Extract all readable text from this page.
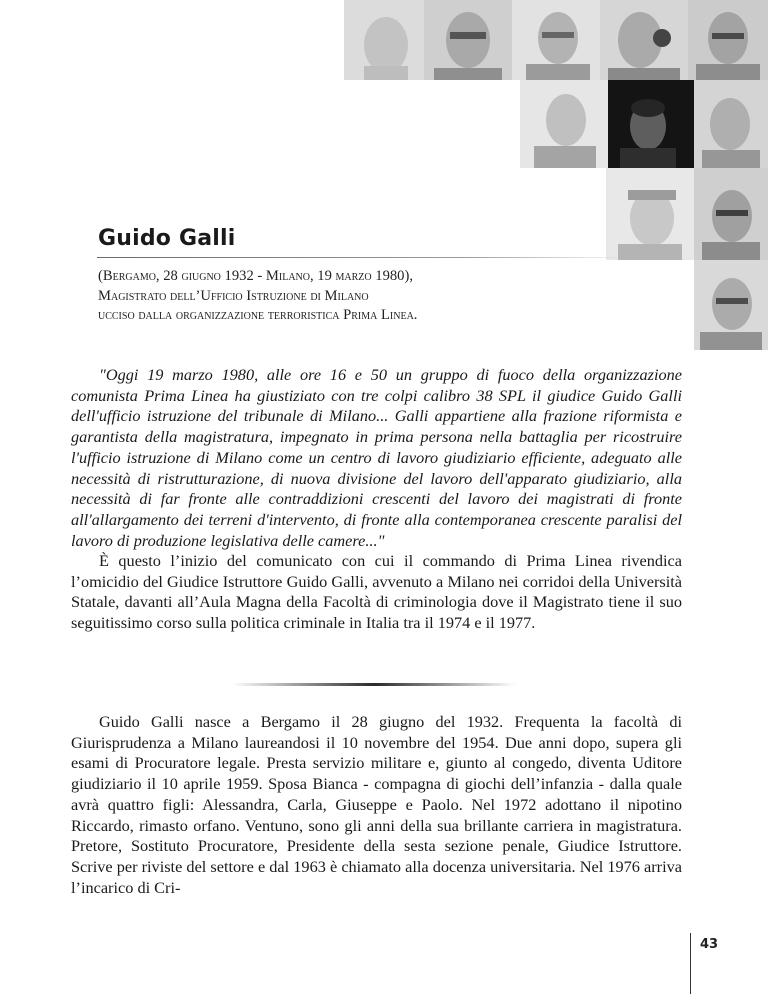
Guido Galli
(Bergamo, 28 giugno 1932 - Milano, 19 marzo 1980),
Magistrato dell’Ufficio Istruzione di Milano
ucciso dalla organizzazione terroristica Prima Linea.

"Oggi 19 marzo 1980, alle ore 16 e 50 un gruppo di fuoco della organizzazione comunista Prima Linea ha giustiziato con tre colpi calibro 38 SPL il giudice Guido Galli dell'ufficio istruzione del tribunale di Milano... Galli appartiene alla frazione riformista e garantista della magistratura, impegnato in prima persona nella battaglia per ricostruire l'ufficio istruzione di Milano come un centro di lavoro giudiziario efficiente, adeguato alle necessità di ristrutturazione, di nuova divisione del lavoro dell'apparato giudiziario, alla necessità di far fronte alle contraddizioni crescenti del lavoro dei magistrati di fronte all'allargamento dei terreni d'intervento, di fronte alla contemporanea crescente paralisi del lavoro di produzione legislativa delle camere..."

È questo l’inizio del comunicato con cui il commando di Prima Linea rivendica l’omicidio del Giudice Istruttore Guido Galli, avvenuto a Milano nei corridoi della Università Statale, davanti all’Aula Magna della Facoltà di criminologia dove il Magistrato tiene il suo seguitissimo corso sulla politica criminale in Italia tra il 1974 e il 1977.

Guido Galli nasce a Bergamo il 28 giugno del 1932. Frequenta la facoltà di Giurisprudenza a Milano laureandosi il 10 novembre del 1954. Due anni dopo, supera gli esami di Procuratore legale. Presta servizio militare e, giunto al congedo, diventa Uditore giudiziario il 10 aprile 1959. Sposa Bianca - compagna di giochi dell’infanzia - dalla quale avrà quattro figli: Alessandra, Carla, Giuseppe e Paolo. Nel 1972 adottano il nipotino Riccardo, rimasto orfano. Ventuno, sono gli anni della sua brillante carriera in magistratura. Pretore, Sostituto Procuratore, Presidente della sesta sezione penale, Giudice Istruttore. Scrive per riviste del settore e dal 1963 è chiamato alla docenza universitaria. Nel 1976 arriva l’incarico di Cri-

43
